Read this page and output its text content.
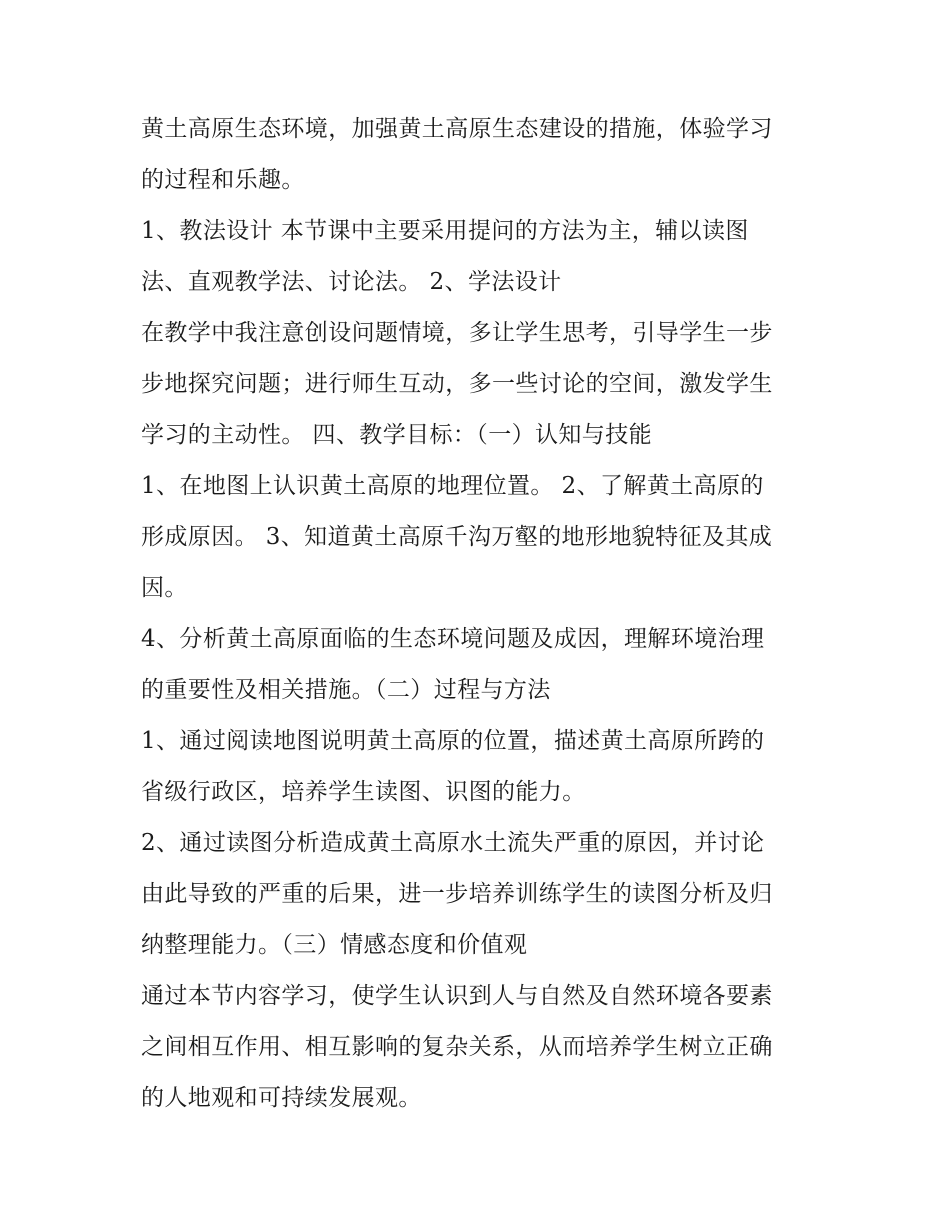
黄土高原生态环境，加强黄土高原生态建设的措施，体验学习
的过程和乐趣。
1、教法设计 本节课中主要采用提问的方法为主，辅以读图
法、直观教学法、讨论法。 2、学法设计
在教学中我注意创设问题情境，多让学生思考，引导学生一步
步地探究问题；进行师生互动，多一些讨论的空间，激发学生
学习的主动性。 四、教学目标：（一）认知与技能
1、在地图上认识黄土高原的地理位置。 2、了解黄土高原的
形成原因。 3、知道黄土高原千沟万壑的地形地貌特征及其成
因。
4、分析黄土高原面临的生态环境问题及成因，理解环境治理
的重要性及相关措施。（二）过程与方法
1、通过阅读地图说明黄土高原的位置，描述黄土高原所跨的
省级行政区，培养学生读图、识图的能力。
2、通过读图分析造成黄土高原水土流失严重的原因，并讨论
由此导致的严重的后果，进一步培养训练学生的读图分析及归
纳整理能力。（三）情感态度和价值观
通过本节内容学习，使学生认识到人与自然及自然环境各要素
之间相互作用、相互影响的复杂关系，从而培养学生树立正确
的人地观和可持续发展观。
